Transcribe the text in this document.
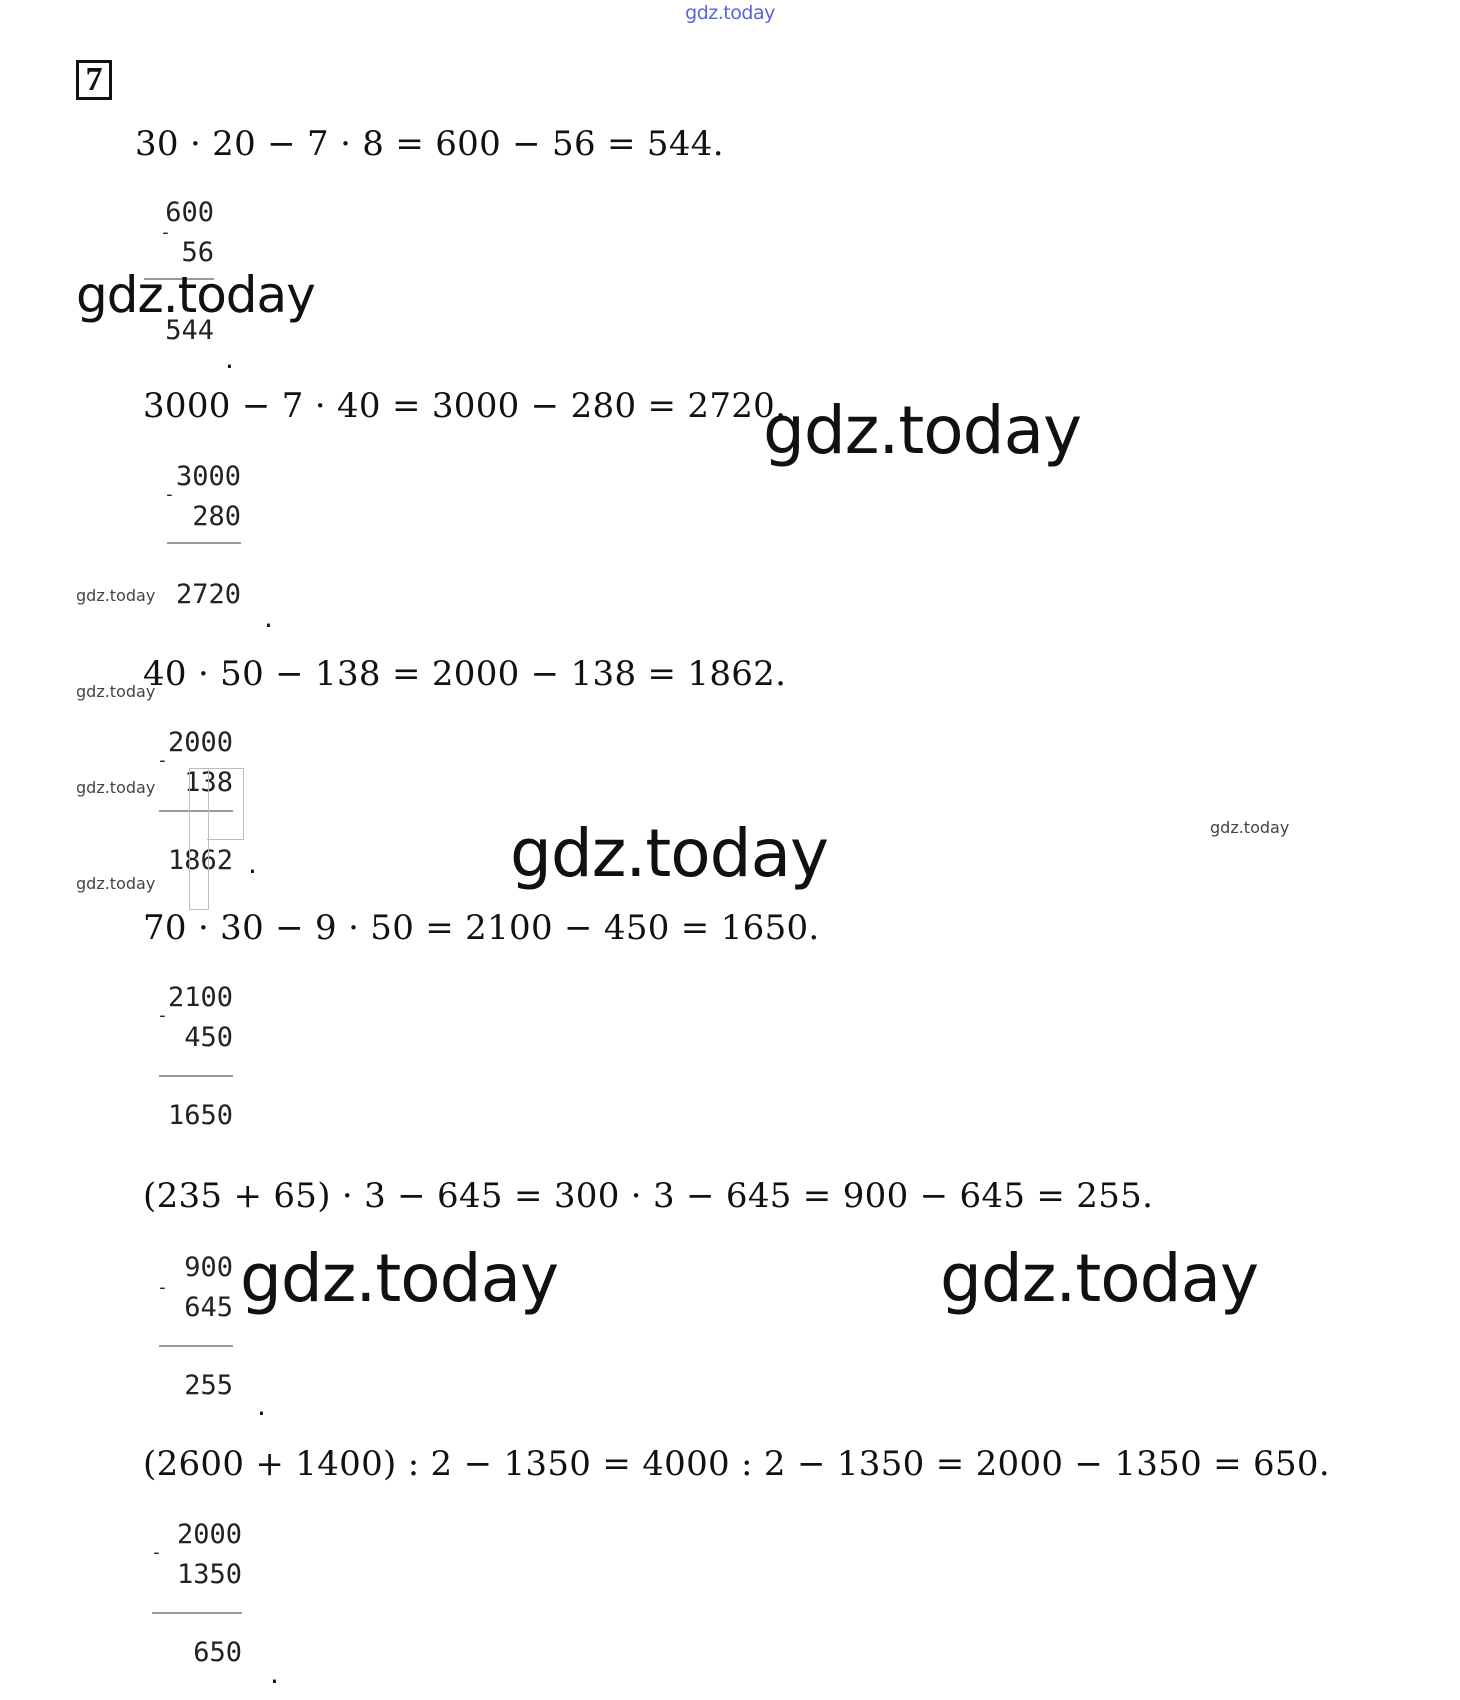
gdz.today
7
30 · 20 − 7 · 8 = 600 − 56 = 544.
600
-
56
544
.
3000 − 7 · 40 = 3000 − 280 = 2720.
3000
-
280
2720
.
40 · 50 − 138 = 2000 − 138 = 1862.
2000
-
138
1862 .
70 · 30 − 9 · 50 = 2100 − 450 = 1650.
2100
-
450
1650
(235 + 65) · 3 − 645 = 300 · 3 − 645 = 900 − 645 = 255.
900
-
645
255
.
(2600 + 1400) : 2 − 1350 = 4000 : 2 − 1350 = 2000 − 1350 = 650.
2000
-
1350
650
.
gdz.today
gdz.today
gdz.today
gdz.today	gdz.today
gdz.today
gdz.today
gdz.today
gdz.today
gdz.today
